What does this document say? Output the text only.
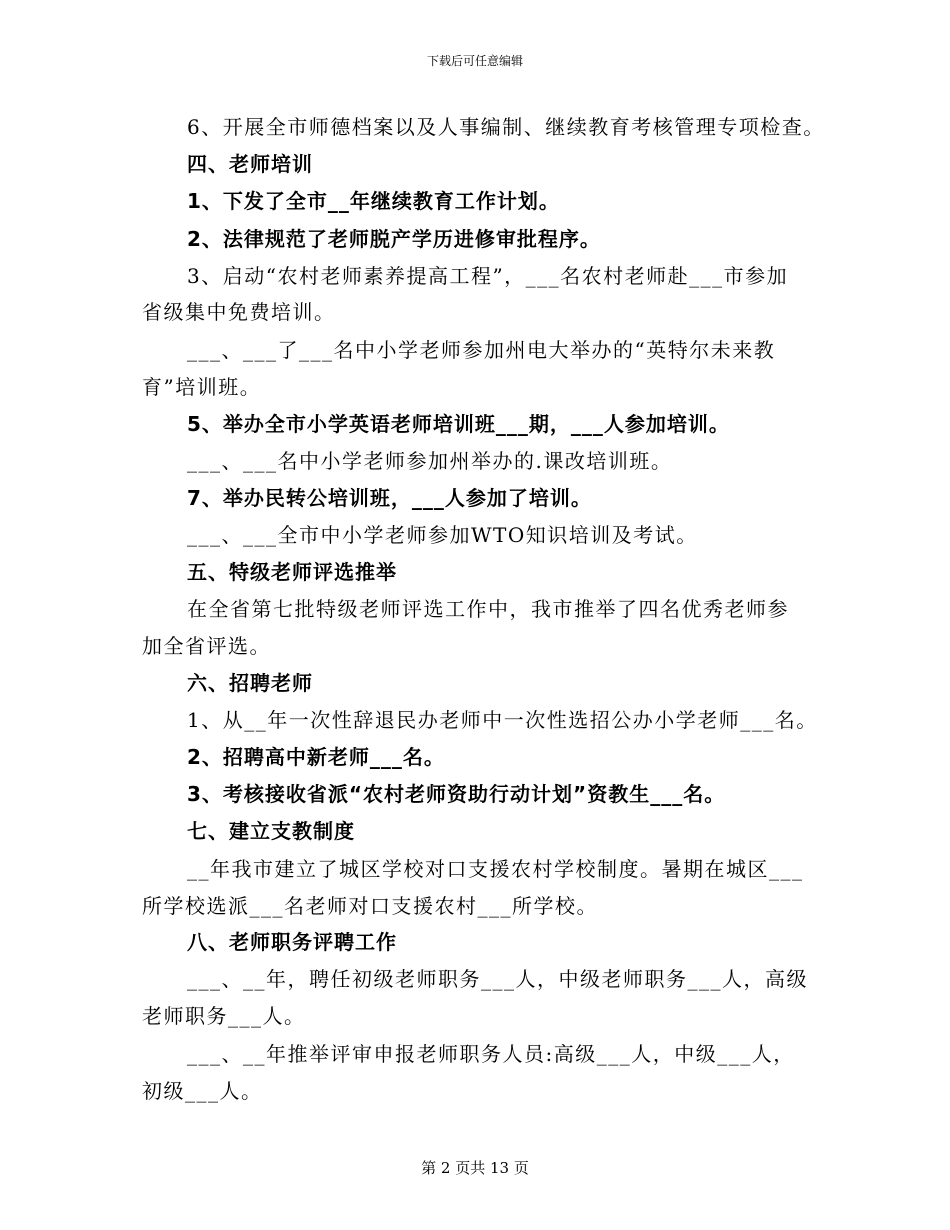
下载后可任意编辑
6、开展全市师德档案以及人事编制、继续教育考核管理专项检查。
四、老师培训
1、下发了全市__年继续教育工作计划。
2、法律规范了老师脱产学历进修审批程序。
3、启动“农村老师素养提高工程”，___名农村老师赴___市参加
省级集中免费培训。
___、___了___名中小学老师参加州电大举办的“英特尔未来教
育”培训班。
5、举办全市小学英语老师培训班___期，___人参加培训。
___、___名中小学老师参加州举办的.课改培训班。
7、举办民转公培训班，___人参加了培训。
___、___全市中小学老师参加WTO知识培训及考试。
五、特级老师评选推举
在全省第七批特级老师评选工作中，我市推举了四名优秀老师参
加全省评选。
六、招聘老师
1、从__年一次性辞退民办老师中一次性选招公办小学老师___名。
2、招聘高中新老师___名。
3、考核接收省派“农村老师资助行动计划”资教生___名。
七、建立支教制度
__年我市建立了城区学校对口支援农村学校制度。暑期在城区___
所学校选派___名老师对口支援农村___所学校。
八、老师职务评聘工作
___、__年，聘任初级老师职务___人，中级老师职务___人，高级
老师职务___人。
___、__年推举评审申报老师职务人员:高级___人，中级___人，
初级___人。
第 2 页共 13 页
